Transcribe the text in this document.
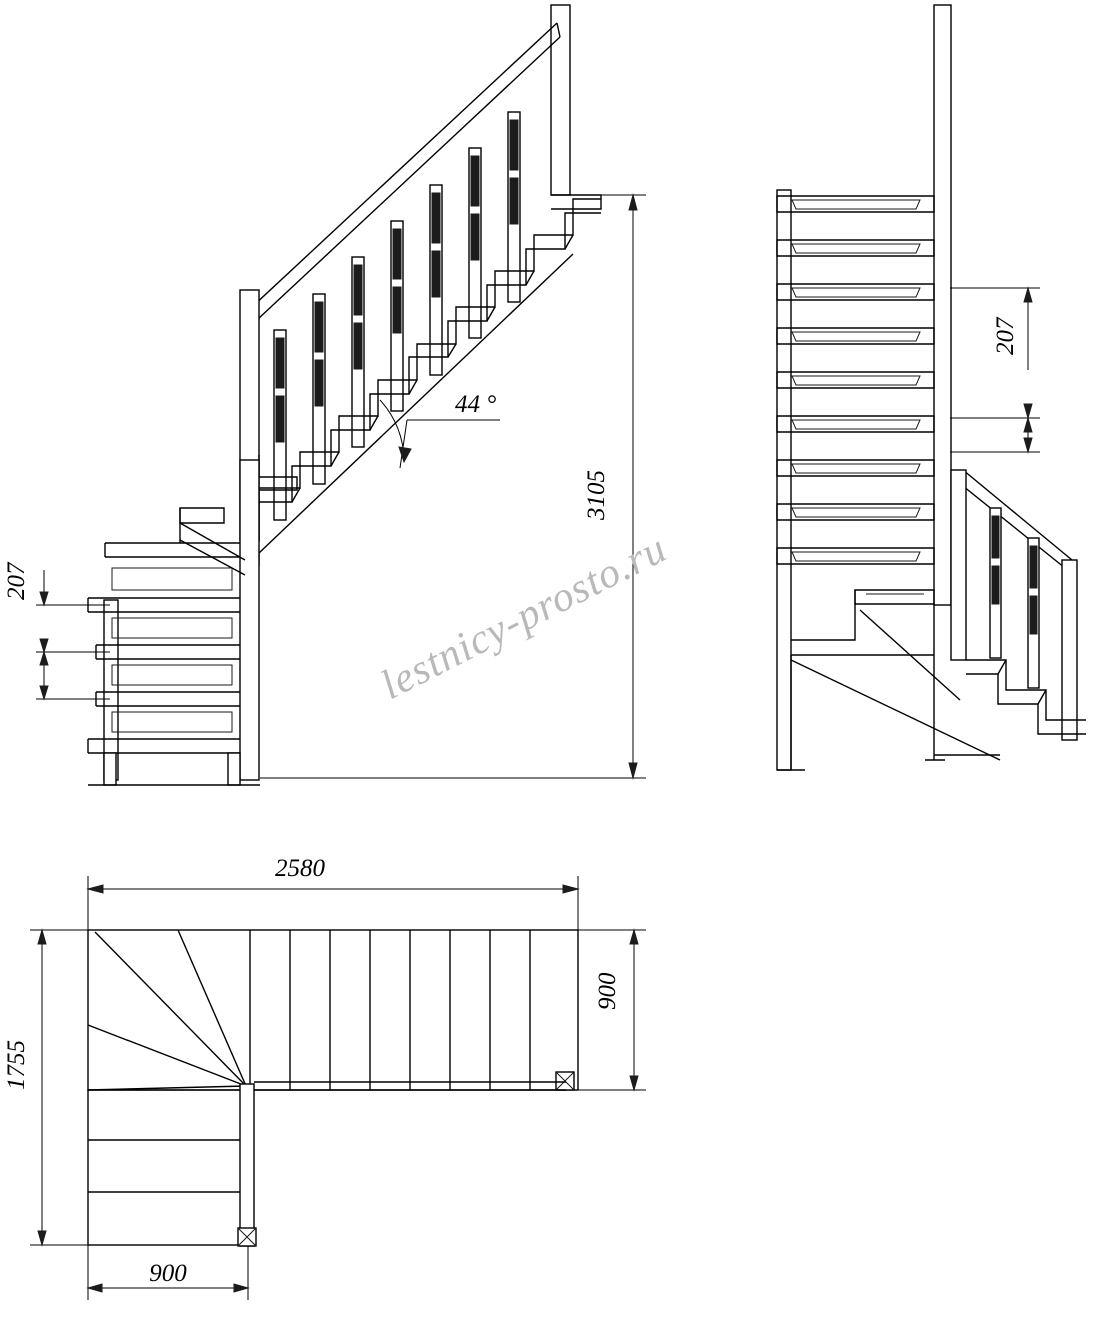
44 °
3105
207
207
lestnicy-prosto.ru
2580
900
1755
900
